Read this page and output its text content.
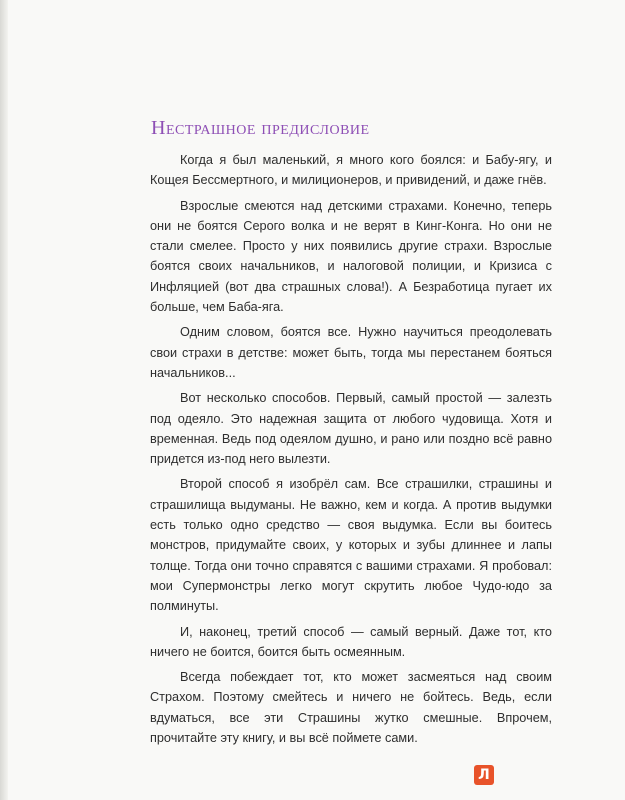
Нестрашное предисловие

Когда я был маленький, я много кого боялся: и Бабу-ягу, и Кощея Бессмертного, и милиционеров, и привидений, и даже гнёв.

Взрослые смеются над детскими страхами. Конечно, теперь они не боятся Серого волка и не верят в Кинг-Конга. Но они не стали смелее. Просто у них появились другие страхи. Взрослые боятся своих начальников, и налоговой полиции, и Кризиса с Инфляцией (вот два страшных слова!). А Безработица пугает их больше, чем Баба-яга.

Одним словом, боятся все. Нужно научиться преодолевать свои страхи в детстве: может быть, тогда мы перестанем бояться начальников...

Вот несколько способов. Первый, самый простой — залезть под одеяло. Это надежная защита от любого чудовища. Хотя и временная. Ведь под одеялом душно, и рано или поздно всё равно придется из-под него вылезти.

Второй способ я изобрёл сам. Все страшилки, страшины и страшилища выдуманы. Не важно, кем и когда. А против выдумки есть только одно средство — своя выдумка. Если вы боитесь монстров, придумайте своих, у которых и зубы длиннее и лапы толще. Тогда они точно справятся с вашими страхами. Я пробовал: мои Супермонстры легко могут скрутить любое Чудо-юдо за полминуты.

И, наконец, третий способ — самый верный. Даже тот, кто ничего не боится, боится быть осмеянным.

Всегда побеждает тот, кто может засмеяться над своим Страхом. Поэтому смейтесь и ничего не бойтесь. Ведь, если вдуматься, все эти Страшины жутко смешные. Впрочем, прочитайте эту книгу, и вы всё поймете сами.

Л
